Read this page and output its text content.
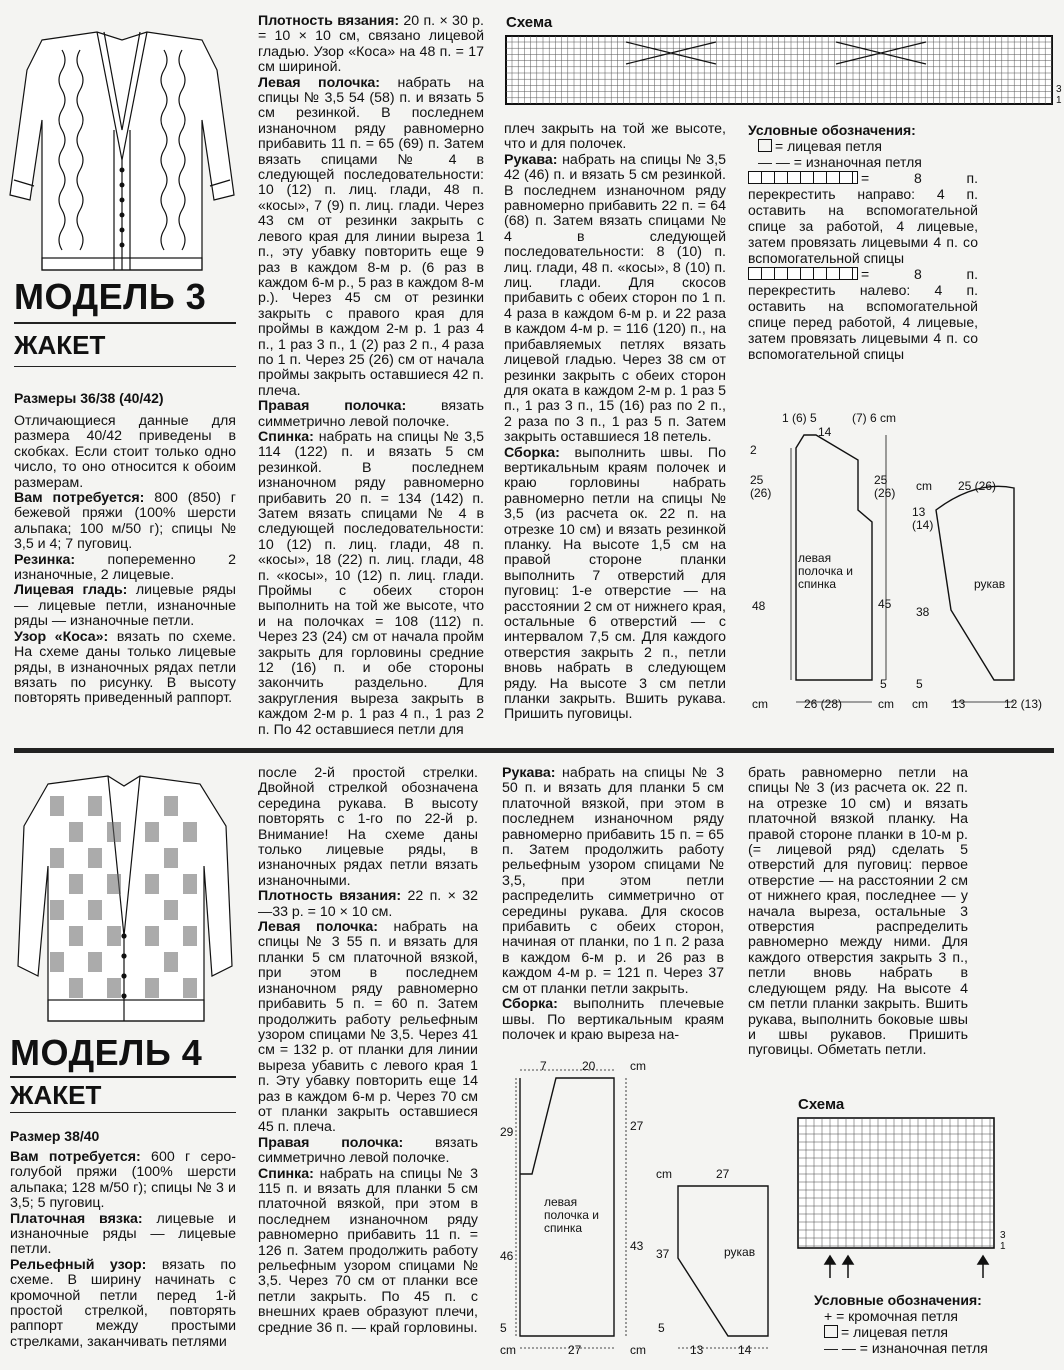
МОДЕЛЬ 3
ЖАКЕТ
Размеры 36/38 (40/42)

Отличающиеся данные для размера 40/42 приведены в скобках. Если стоит только одно число, то оно относится к обоим размерам.

Вам потребуется: 800 (850) г бежевой пряжи (100% шерсти альпака; 100 м/50 г); спицы № 3,5 и 4; 7 пуговиц.

Резинка: попеременно 2 изнаночные, 2 лицевые.

Лицевая гладь: лицевые ряды — лицевые петли, изнаночные ряды — изнаночные петли.

Узор «Коса»: вязать по схеме. На схеме даны только лицевые ряды, в изнаночных рядах петли вязать по рисунку. В высоту повторять приведенный раппорт.

Плотность вязания: 20 п. × 30 р. = 10 × 10 см, связано лицевой гладью. Узор «Коса» на 48 п. = 17 см шириной.

Левая полочка: набрать на спицы № 3,5 54 (58) п. и вязать 5 см резинкой. В последнем изнаночном ряду равномерно прибавить 11 п. = 65 (69) п. Затем вязать спицами № 4 в следующей последовательности: 10 (12) п. лиц. глади, 48 п. «косы», 7 (9) п. лиц. глади. Через 43 см от резинки закрыть с левого края для линии выреза 1 п., эту убавку повторить еще 9 раз в каждом 8-м р. (6 раз в каждом 6-м р., 5 раз в каждом 8-м р.). Через 45 см от резинки закрыть с правого края для проймы в каждом 2-м р. 1 раз 4 п., 1 раз 3 п., 1 (2) раз 2 п., 4 раза по 1 п. Через 25 (26) см от начала проймы закрыть оставшиеся 42 п. плеча.

Правая полочка: вязать симметрично левой полочке.

Спинка: набрать на спицы № 3,5 114 (122) п. и вязать 5 см резинкой. В последнем изнаночном ряду равномерно прибавить 20 п. = 134 (142) п. Затем вязать спицами № 4 в следующей последовательности: 10 (12) п. лиц. глади, 48 п. «косы», 18 (22) п. лиц. глади, 48 п. «косы», 10 (12) п. лиц. глади. Проймы с обеих сторон выполнить на той же высоте, что и на полочках = 108 (112) п. Через 23 (24) см от начала пройм закрыть для горловины средние 12 (16) п. и обе стороны закончить раздельно. Для закругления выреза закрыть в каждом 2-м р. 1 раз 4 п., 1 раз 2 п. По 42 оставшиеся петли для

Схема
3 1
Условные обозначения:
= лицевая петля
— — = изнаночная петля
= 8 п. перекрестить направо: 4 п. оставить на вспомогательной спице за работой, 4 лицевые, затем провязать лицевыми 4 п. со вспомогательной спицы
= 8 п. перекрестить налево: 4 п. оставить на вспомогательной спице перед работой, 4 лицевые, затем провязать лицевыми 4 п. со вспомогательной спицы
1 (6) 5
14
(7) 6 cm
2
25 (26)
25 (26) cm 25 (26)
13 (14)
левая полочка и спинка	рукав
48	45
38
5 5
cm	26 (28)	cm cm 13	12 (13)

плеч закрыть на той же высоте, что и для полочек.

Рукава: набрать на спицы № 3,5 42 (46) п. и вязать 5 см резинкой. В последнем изнаночном ряду равномерно прибавить 22 п. = 64 (68) п. Затем вязать спицами № 4 в следующей последовательности: 8 (10) п. лиц. глади, 48 п. «косы», 8 (10) п. лиц. глади. Для скосов прибавить с обеих сторон по 1 п. 4 раза в каждом 6-м р. и 22 раза в каждом 4-м р. = 116 (120) п., на прибавляемых петлях вязать лицевой гладью. Через 38 см от резинки закрыть с обеих сторон для оката в каждом 2-м р. 1 раз 5 п., 1 раз 3 п., 15 (16) раз по 2 п., 2 раза по 3 п., 1 раз 5 п. Затем закрыть оставшиеся 18 петель.

Сборка: выполнить швы. По вертикальным краям полочек и краю горловины набрать равномерно петли на спицы № 3,5 (из расчета ок. 22 п. на отрезке 10 см) и вязать резинкой планку. На высоте 1,5 см на правой стороне планки выполнить 7 отверстий для пуговиц: 1-е отверстие — на расстоянии 2 см от нижнего края, остальные 6 отверстий — с интервалом 7,5 см. Для каждого отверстия закрыть 2 п., петли вновь набрать в следующем ряду. На высоте 3 см петли планки закрыть. Вшить рукава. Пришить пуговицы.

МОДЕЛЬ 4
ЖАКЕТ
Размер 38/40

Вам потребуется: 600 г серо-голубой пряжи (100% шерсти альпака; 128 м/50 г); спицы № 3 и 3,5; 5 пуговиц.

Платочная вязка: лицевые и изнаночные ряды — лицевые петли.

Рельефный узор: вязать по схеме. В ширину начинать с кромочной петли перед 1-й простой стрелкой, повторять раппорт между простыми стрелками, заканчивать петлями

после 2-й простой стрелки. Двойной стрелкой обозначена середина рукава. В высоту повторять с 1-го по 22-й р. Внимание! На схеме даны только лицевые ряды, в изнаночных рядах петли вязать изнаночными.

Плотность вязания: 22 п. × 32—33 р. = 10 × 10 см.

Левая полочка: набрать на спицы № 3 55 п. и вязать для планки 5 см платочной вязкой, при этом в последнем изнаночном ряду равномерно прибавить 5 п. = 60 п. Затем продолжить работу рельефным узором спицами № 3,5. Через 41 см = 132 р. от планки для линии выреза убавить с левого края 1 п. Эту убавку повторить еще 14 раз в каждом 6-м р. Через 70 см от планки закрыть оставшиеся 45 п. плеча.

Правая полочка: вязать симметрично левой полочке.

Спинка: набрать на спицы № 3 115 п. и вязать для планки 5 см платочной вязкой, при этом в последнем изнаночном ряду равномерно прибавить 11 п. = 126 п. Затем продолжить работу рельефным узором спицами № 3,5. Через 70 см от планки все петли закрыть. По 45 п. с внешних краев образуют плечи, средние 36 п. — край горловины.

Рукава: набрать на спицы № 3 50 п. и вязать для планки 5 см платочной вязкой, при этом в последнем изнаночном ряду равномерно прибавить 15 п. = 65 п. Затем продолжить работу рельефным узором спицами № 3,5, при этом петли распределить симметрично от середины рукава. Для скосов прибавить с обеих сторон, начиная от планки, по 1 п. 2 раза в каждом 6-м р. и 26 раз в каждом 4-м р. = 121 п. Через 37 см от планки петли закрыть.

Сборка: выполнить плечевые швы. По вертикальным краям полочек и краю выреза на-

брать равномерно петли на спицы № 3 (из расчета ок. 22 п. на отрезке 10 см) и вязать платочной вязкой планку. На правой стороне планки в 10-м р. (= лицевой ряд) сделать 5 отверстий для пуговиц: первое отверстие — на расстоянии 2 см от нижнего края, последнее — у начала выреза, остальные 3 отверстия распределить равномерно между ними. Для каждого отверстия закрыть 3 п., петли вновь набрать в следующем ряду. На высоте 4 см петли планки закрыть. Вшить рукава, выполнить боковые швы и швы рукавов. Пришить пуговицы. Обметать петли.

7	20	cm
29	27
cm	27
левая полочка и спинка
43
46	37	рукав
5	5
cm	27	cm	13	14
Схема
3 1
Условные обозначения:
+ = кромочная петля
= лицевая петля
— — = изнаночная петля
